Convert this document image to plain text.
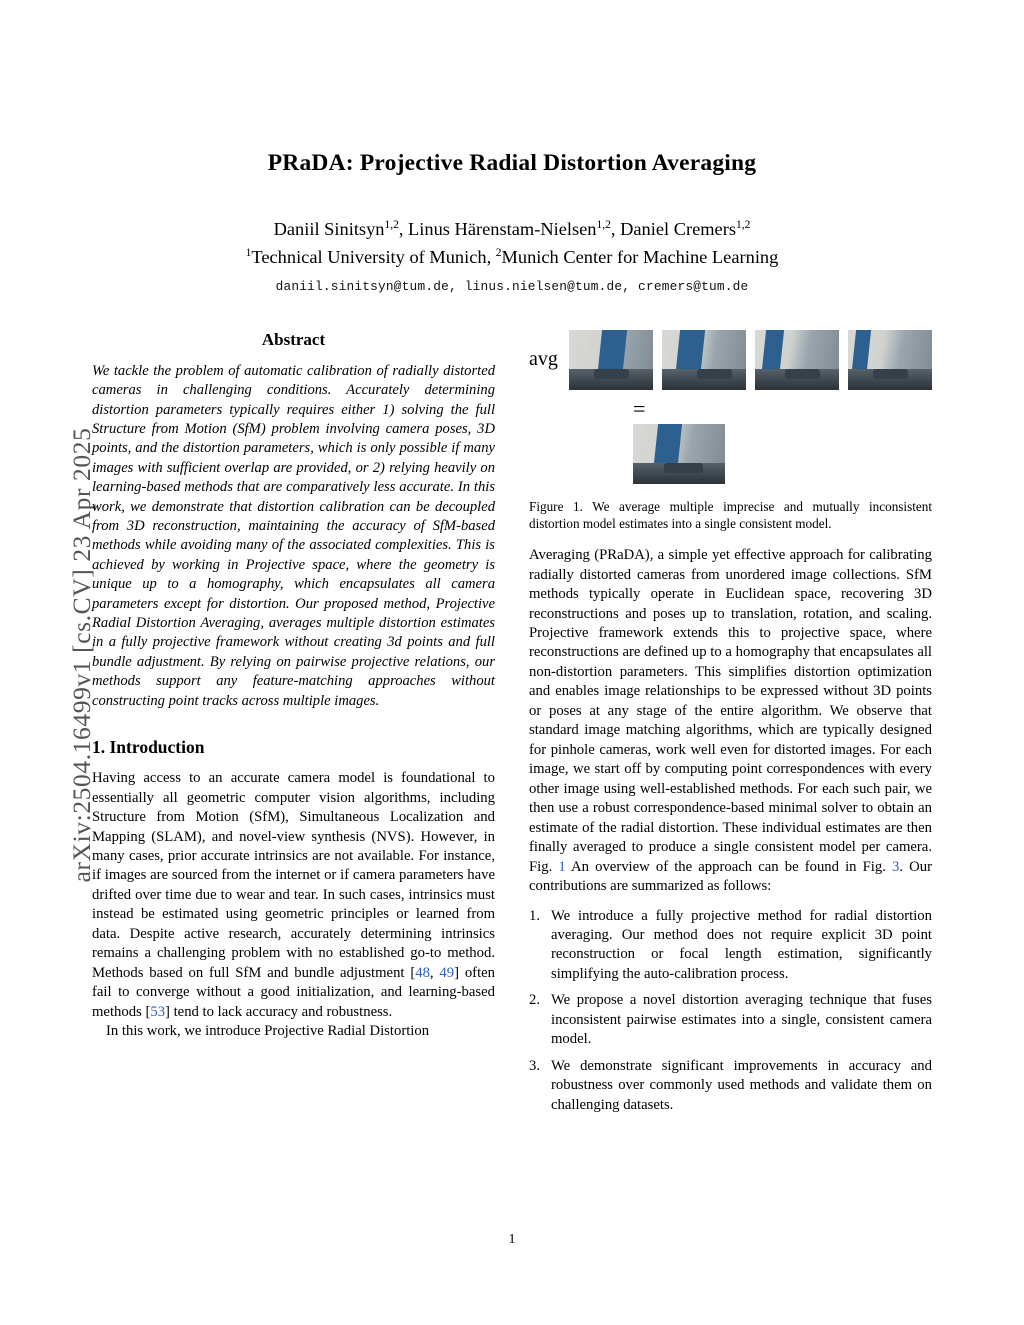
arXiv:2504.16499v1 [cs.CV] 23 Apr 2025
PRaDA: Projective Radial Distortion Averaging
Daniil Sinitsyn$^{1,2}$, Linus Härenstam-Nielsen$^{1,2}$, Daniel Cremers$^{1,2}$
$^1$Technical University of Munich, $^2$Munich Center for Machine Learning
daniil.sinitsyn@tum.de, linus.nielsen@tum.de, cremers@tum.de
Abstract

We tackle the problem of automatic calibration of radially distorted cameras in challenging conditions. Accurately determining distortion parameters typically requires either 1) solving the full Structure from Motion (SfM) problem involving camera poses, 3D points, and the distortion parameters, which is only possible if many images with sufficient overlap are provided, or 2) relying heavily on learning-based methods that are comparatively less accurate. In this work, we demonstrate that distortion calibration can be decoupled from 3D reconstruction, maintaining the accuracy of SfM-based methods while avoiding many of the associated complexities. This is achieved by working in Projective space, where the geometry is unique up to a homography, which encapsulates all camera parameters except for distortion. Our proposed method, Projective Radial Distortion Averaging, averages multiple distortion estimates in a fully projective framework without creating 3d points and full bundle adjustment. By relying on pairwise projective relations, our methods support any feature-matching approaches without constructing point tracks across multiple images.

1. Introduction

Having access to an accurate camera model is foundational to essentially all geometric computer vision algorithms, including Structure from Motion (SfM), Simultaneous Localization and Mapping (SLAM), and novel-view synthesis (NVS). However, in many cases, prior accurate intrinsics are not available. For instance, if images are sourced from the internet or if camera parameters have drifted over time due to wear and tear. In such cases, intrinsics must instead be estimated using geometric principles or learned from data. Despite active research, accurately determining intrinsics remains a challenging problem with no established go-to method. Methods based on full SfM and bundle adjustment [48, 49] often fail to converge without a good initialization, and learning-based methods [53] tend to lack accuracy and robustness.

In this work, we introduce Projective Radial Distortion

avg
=
Figure 1. We average multiple imprecise and mutually inconsistent distortion model estimates into a single consistent model.

Averaging (PRaDA), a simple yet effective approach for calibrating radially distorted cameras from unordered image collections. SfM methods typically operate in Euclidean space, recovering 3D reconstructions and poses up to translation, rotation, and scaling. Projective framework extends this to projective space, where reconstructions are defined up to a homography that encapsulates all non-distortion parameters. This simplifies distortion optimization and enables image relationships to be expressed without 3D points or poses at any stage of the entire algorithm. We observe that standard image matching algorithms, which are typically designed for pinhole cameras, work well even for distorted images. For each image, we start off by computing point correspondences with every other image using well-established methods. For each such pair, we then use a robust correspondence-based minimal solver to obtain an estimate of the radial distortion. These individual estimates are then finally averaged to produce a single consistent model per camera. Fig. 1 An overview of the approach can be found in Fig. 3. Our contributions are summarized as follows:

1. We introduce a fully projective method for radial distortion averaging. Our method does not require explicit 3D point reconstruction or focal length estimation, significantly simplifying the auto-calibration process.
2. We propose a novel distortion averaging technique that fuses inconsistent pairwise estimates into a single, consistent camera model.
3. We demonstrate significant improvements in accuracy and robustness over commonly used methods and validate them on challenging datasets.
1
